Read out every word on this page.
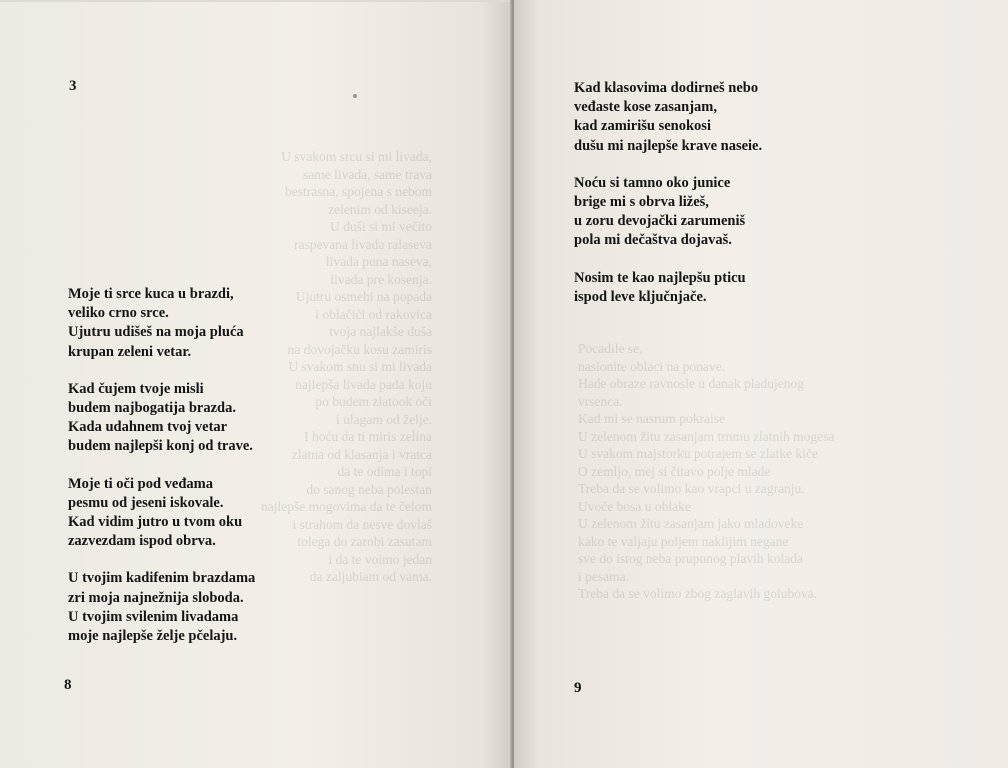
U svakom srcu si mi livada,
same livada, same trava
bestrasna, spojena s nebom
zelenim od kiseeja.
U duši si mi večito
raspevana livada ralaseva
livada puna naseva,
livada pre kosenja.
Ujutru osmehi na popada
i oblačići od rakovica
tvoja najlakše duša
na dovojačku kosu zamiris
U svakom snu si mi livada
najlepša livada pada koju
po budem zlatook oči
i ulagam od želje.
I hoću da ti miris zelina
zlatna od klasanja i vratca
da te odima i topi
do sanog neba polestan
najlepše mogovima da te čelom
i strahom da nesve dovlaš
tolega do zarobi zasutam
i da te voimo jedan
da zaljubiam od vama.
3
Moje ti srce kuca u brazdi,
veliko crno srce.
Ujutru udišeš na moja pluća
krupan zeleni vetar.
Kad čujem tvoje misli
budem najbogatija brazda.
Kada udahnem tvoj vetar
budem najlepši konj od trave.
Moje ti oči pod veđama
pesmu od jeseni iskovale.
Kad vidim jutro u tvom oku
zazvezdam ispod obrva.
U tvojim kadifenim brazdama
zri moja najnežnija sloboda.
U tvojim svilenim livadama
moje najlepše želje pčelaju.
8
Pocadile se,
naslonite oblaci na ponave.
Hade obraze ravnosle u danak pladujenog
vrsenca.
Kad mi se nasrum pokraise
U zelenom žitu zasanjam trnmu zlatnih mogesa
U svakom majstorku potrajem se zlatke kiče
O zemljo, mej si čitavo polje mlade
Treba da se volimo kao vrapci u zagranju.
Uvoče bosa u oblake
U zelenom žitu zasanjam jako mladoveke
kako te valjaju poljem naklijim negane
sve do istog neba prupunog plavih kolada
i pesama.
Treba da se volimo zbog zaglavih golubova.
Kad klasovima dodirneš nebo
veđaste kose zasanjam,
kad zamirišu senokosi
dušu mi najlepše krave naseie.
Noću si tamno oko junice
brige mi s obrva ližeš,
u zoru devojački zarumeniš
pola mi dečaštva dojavaš.
Nosim te kao najlepšu pticu
ispod leve ključnjače.
9
